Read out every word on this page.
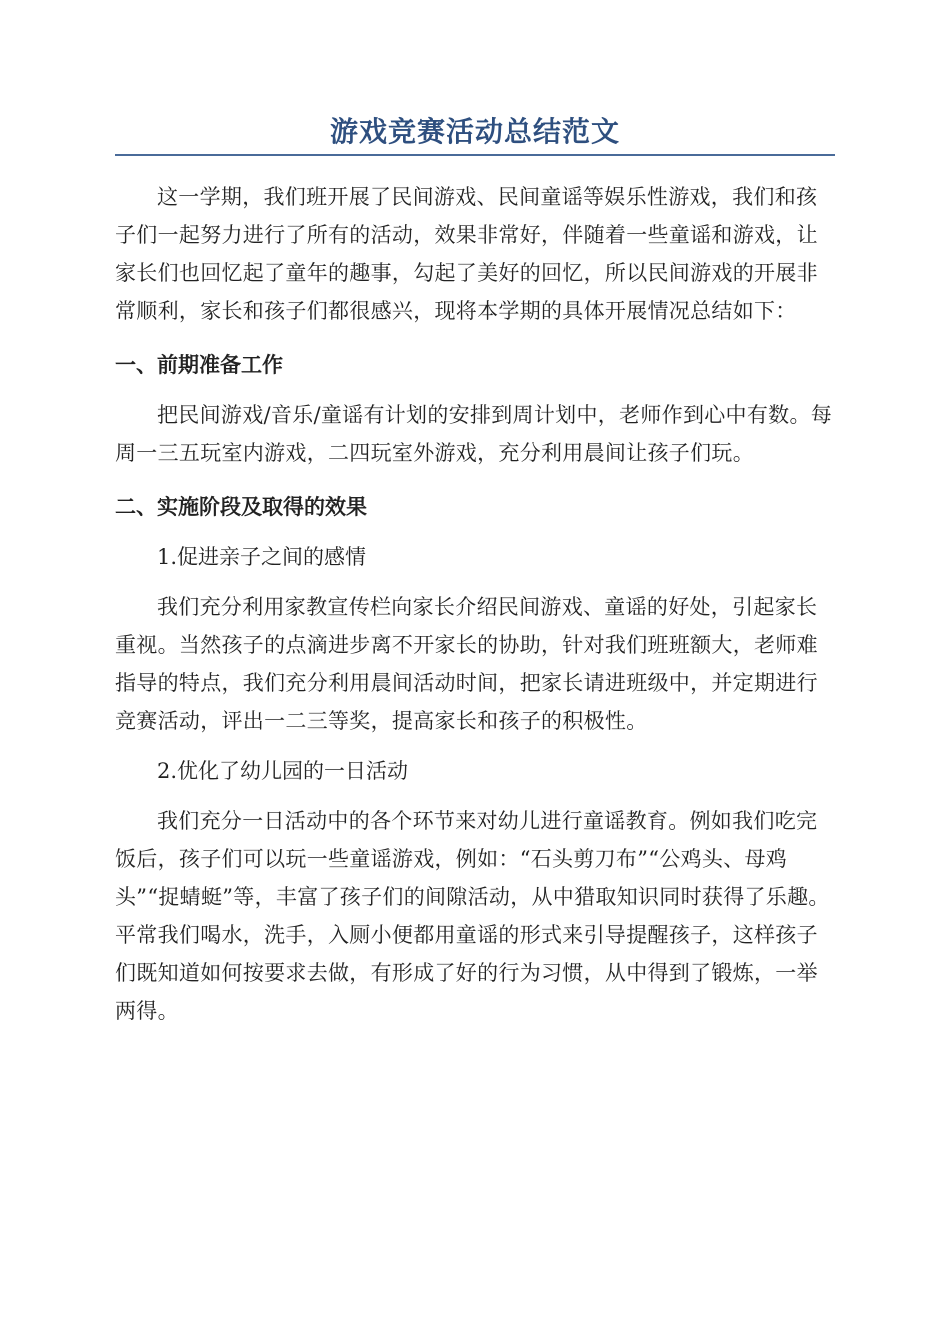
游戏竞赛活动总结范文

这一学期，我们班开展了民间游戏、民间童谣等娱乐性游戏，我们和孩子们一起努力进行了所有的活动，效果非常好，伴随着一些童谣和游戏，让家长们也回忆起了童年的趣事，勾起了美好的回忆，所以民间游戏的开展非常顺利，家长和孩子们都很感兴，现将本学期的具体开展情况总结如下：

一、前期准备工作

把民间游戏/音乐/童谣有计划的安排到周计划中，老师作到心中有数。每周一三五玩室内游戏，二四玩室外游戏，充分利用晨间让孩子们玩。

二、实施阶段及取得的效果

1.促进亲子之间的感情

我们充分利用家教宣传栏向家长介绍民间游戏、童谣的好处，引起家长重视。当然孩子的点滴进步离不开家长的协助，针对我们班班额大，老师难指导的特点，我们充分利用晨间活动时间，把家长请进班级中，并定期进行竞赛活动，评出一二三等奖，提高家长和孩子的积极性。

2.优化了幼儿园的一日活动

我们充分一日活动中的各个环节来对幼儿进行童谣教育。例如我们吃完饭后，孩子们可以玩一些童谣游戏，例如：“石头剪刀布”“公鸡头、母鸡头”“捉蜻蜓”等，丰富了孩子们的间隙活动，从中猎取知识同时获得了乐趣。平常我们喝水，洗手，入厕小便都用童谣的形式来引导提醒孩子，这样孩子们既知道如何按要求去做，有形成了好的行为习惯，从中得到了锻炼，一举两得。
